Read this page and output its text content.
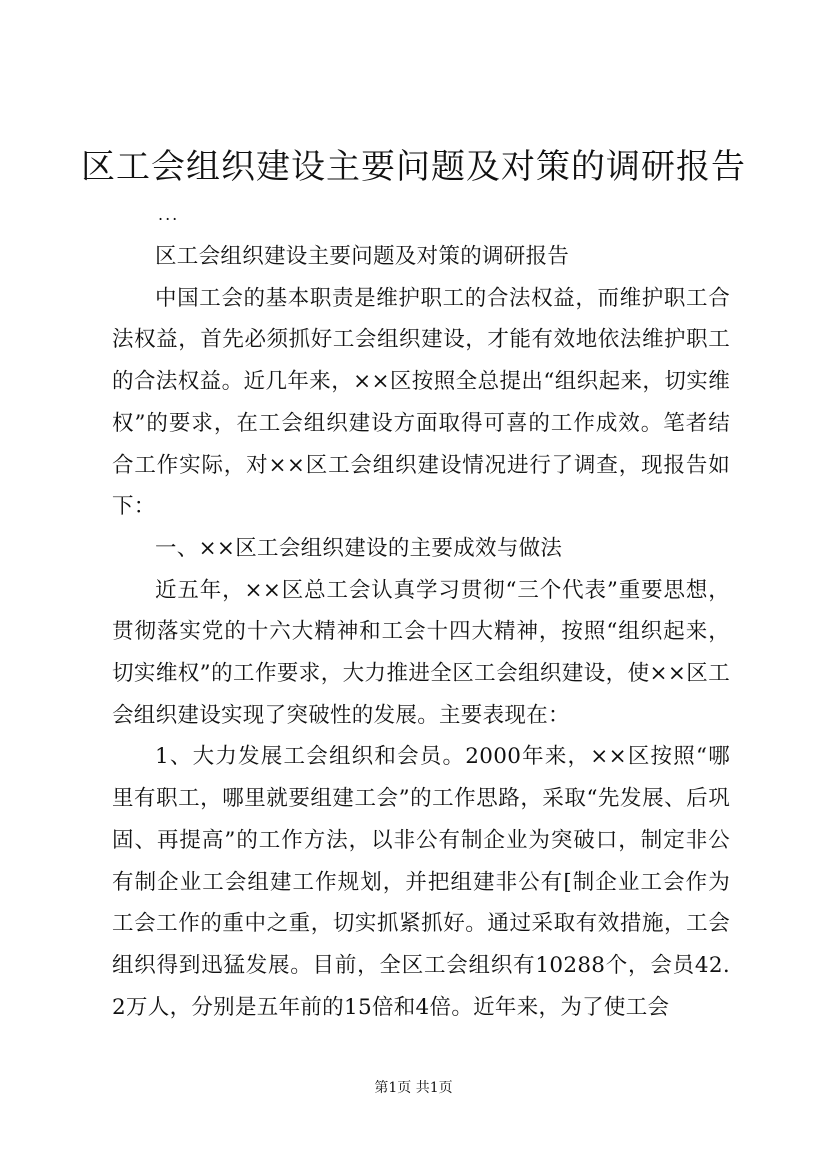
区工会组织建设主要问题及对策的调研报告
...

区工会组织建设主要问题及对策的调研报告

中国工会的基本职责是维护职工的合法权益，而维护职工合法权益，首先必须抓好工会组织建设，才能有效地依法维护职工的合法权益。近几年来，××区按照全总提出“组织起来，切实维权”的要求，在工会组织建设方面取得可喜的工作成效。笔者结合工作实际，对××区工会组织建设情况进行了调查，现报告如下：

一、××区工会组织建设的主要成效与做法

近五年，××区总工会认真学习贯彻“三个代表”重要思想，贯彻落实党的十六大精神和工会十四大精神，按照“组织起来，切实维权”的工作要求，大力推进全区工会组织建设，使××区工会组织建设实现了突破性的发展。主要表现在：

1、大力发展工会组织和会员。2000年来，××区按照“哪里有职工，哪里就要组建工会”的工作思路，采取“先发展、后巩固、再提高”的工作方法，以非公有制企业为突破口，制定非公有制企业工会组建工作规划，并把组建非公有[制企业工会作为工会工作的重中之重，切实抓紧抓好。通过采取有效措施，工会组织得到迅猛发展。目前，全区工会组织有10288个，会员42.2万人，分别是五年前的15倍和4倍。近年来，为了使工会

第1页 共1页
